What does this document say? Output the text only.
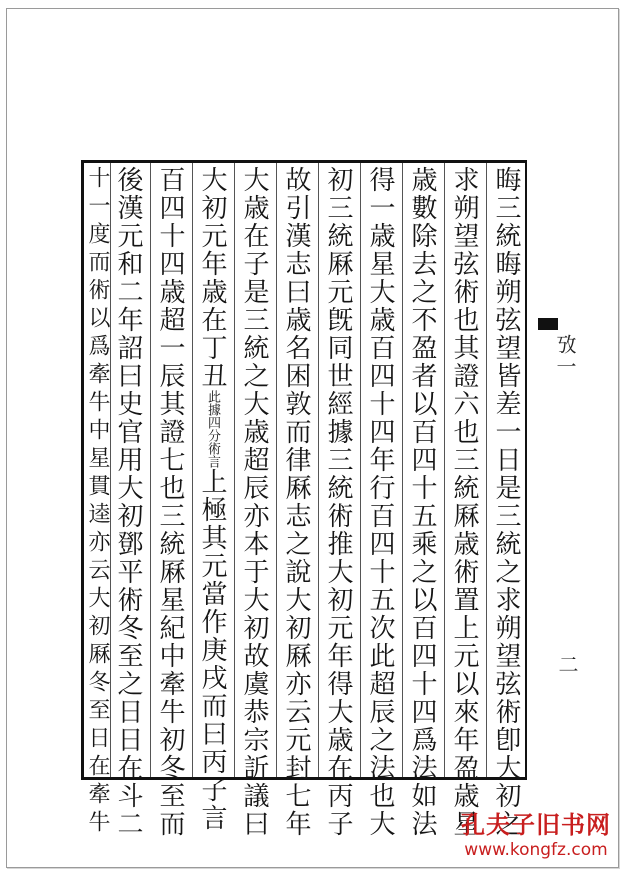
晦三統晦朔弦望皆差一日是三統之求朔望弦術卽大初之
求朔望弦術也其證六也三統厤歳術置上元以來年盈歳星
歳數除去之不盈者以百四十五乘之以百四十四爲法如法
得一歳星大歳百四十四年行百四十五次此超辰之法也大
初三統厤元旣同世經據三統術推大初元年得大歳在丙子
故引漢志曰歳名困敦而律厤志之說大初厤亦云元封七年
大歳在子是三統之大歳超辰亦本于大初故虞恭宗訢議曰
大初元年歳在丁丑此據四分術言上極其元當作庚戌而曰丙子言
百四十四歳超一辰其證七也三統厤星紀中牽牛初冬至而
後漢元和二年詔曰史官用大初鄧平術冬至之日日在斗二
十一度而術以爲牽牛中星貫逵亦云大初厤冬至日在牽牛	攷一
二
孔夫子旧书网
www.kongfz.com
